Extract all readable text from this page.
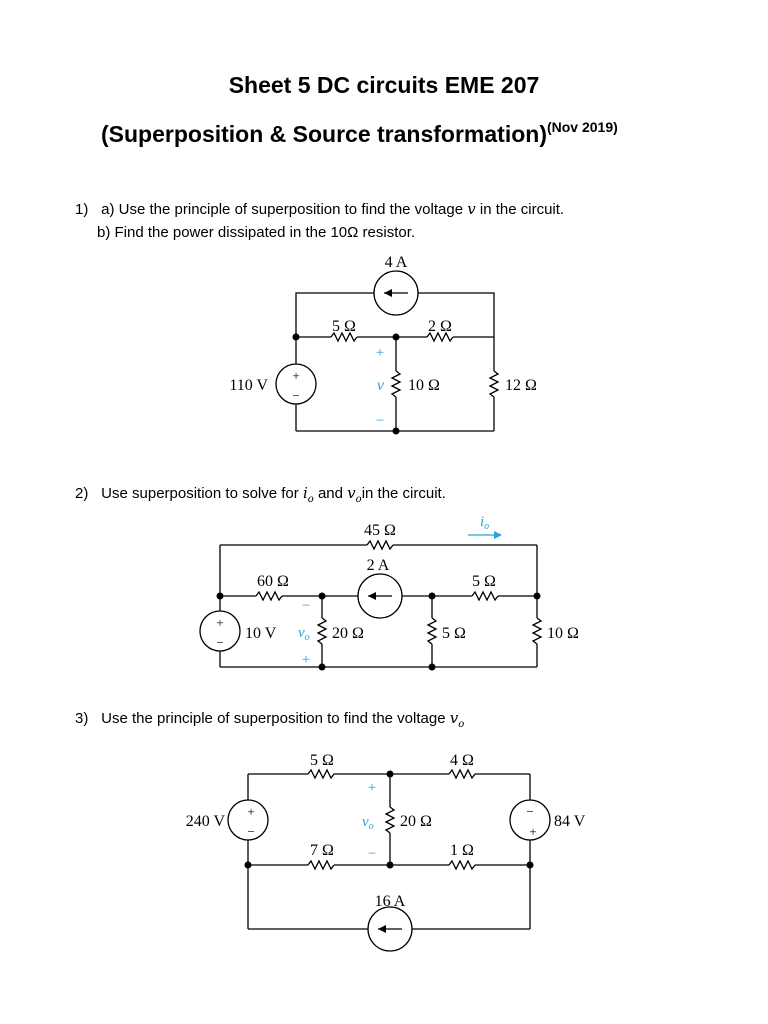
Sheet 5 DC circuits EME 207
(Superposition & Source transformation)$^{(Nov 2019)}$
1) a) Use the principle of superposition to find the voltage v in the circuit.
b) Find the power dissipated in the 10Ω resistor.
4 A
5 Ω	2 Ω
110 V
+
−
+
−
v 10 Ω	12 Ω
2) Use superposition to solve for $i_o$ and $v_oin$ the circuit.
45 Ω
2 A
60 Ω	5 Ω
+
−
10 V
−
+
$v_o$ 20 Ω	5 Ω	10 Ω
$i_o$
3) Use the principle of superposition to find the voltage $v_o$
5 Ω	4 Ω
240 V
+
−
84 V
−
+
+
−
$v_o$ 20 Ω
7 Ω	1 Ω
16 A
